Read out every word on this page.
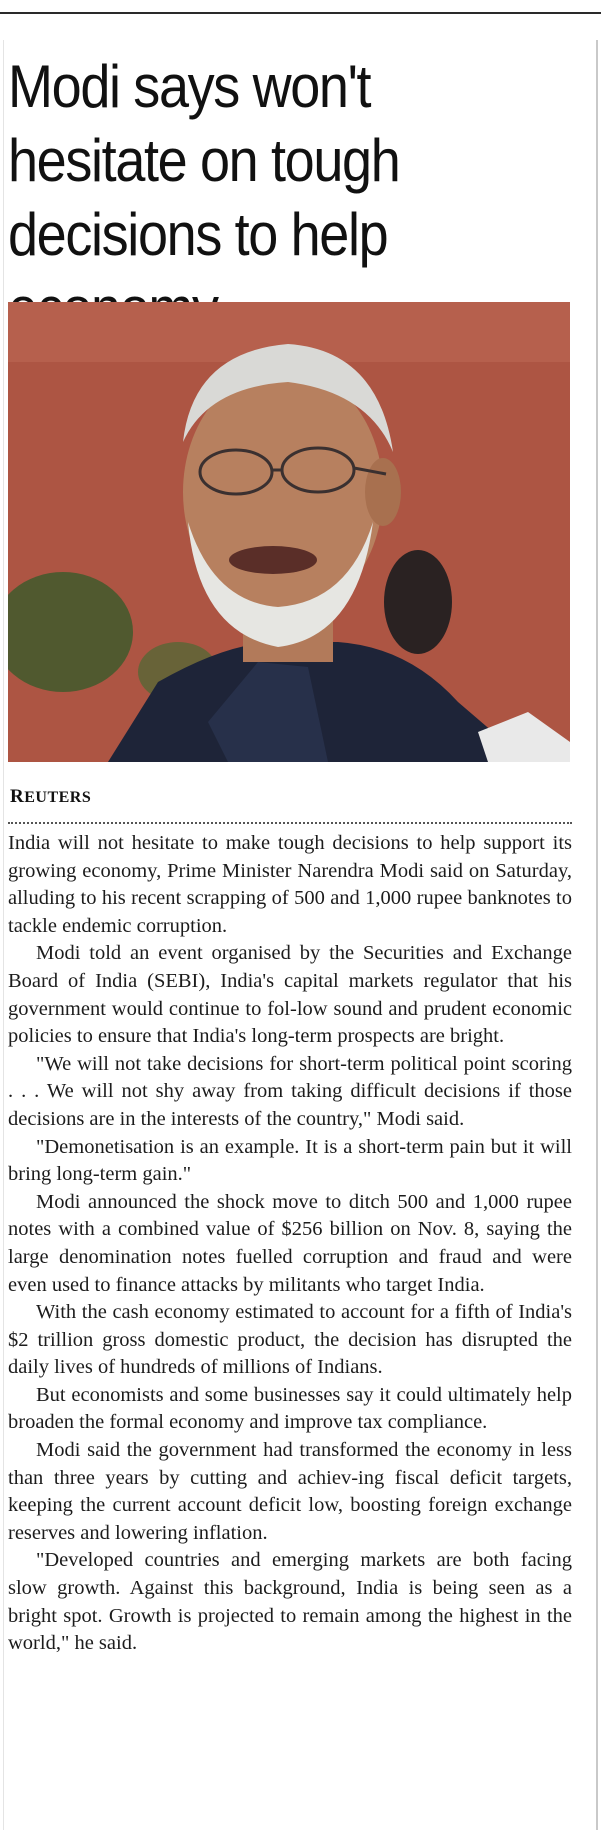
Modi says won't hesitate on tough decisions to help

REUTERS

India will not hesitate to make tough decisions to help support its growing economy, Prime Minister Narendra Modi said on Saturday, alluding to his recent scrapping of 500 and 1,000 rupee banknotes to tackle endemic corruption.

Modi told an event organised by the Securities and Exchange Board of India (SEBI), India's capital markets regulator that his government would continue to fol-low sound and prudent economic policies to ensure that India's long-term prospects are bright.

"We will not take decisions for short-term political point scoring . . . We will not shy away from taking difficult decisions if those decisions are in the interests of the country," Modi said.

"Demonetisation is an example. It is a short-term pain but it will bring long-term gain."

Modi announced the shock move to ditch 500 and 1,000 rupee notes with a combined value of $256 billion on Nov. 8, saying the large denomination notes fuelled corruption and fraud and were even used to finance attacks by militants who target India.

With the cash economy estimated to account for a fifth of India's $2 trillion gross domestic product, the decision has disrupted the daily lives of hundreds of millions of Indians.

But economists and some businesses say it could ultimately help broaden the formal economy and improve tax compliance.

Modi said the government had transformed the economy in less than three years by cutting and achiev-ing fiscal deficit targets, keeping the current account deficit low, boosting foreign exchange reserves and lowering inflation.

"Developed countries and emerging markets are both facing slow growth. Against this background, India is being seen as a bright spot. Growth is projected to remain among the highest in the world," he said.
